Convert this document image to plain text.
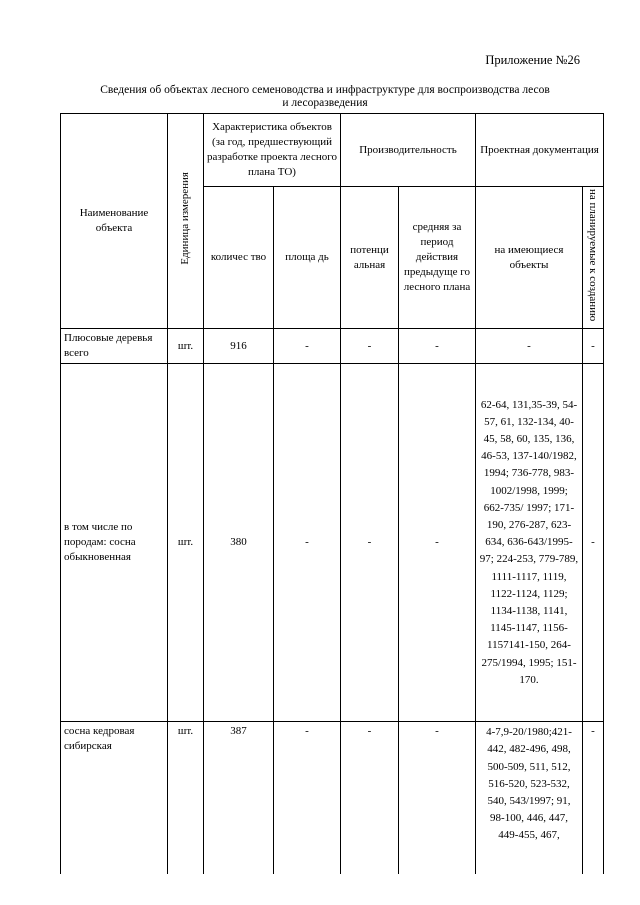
Приложение №26
Сведения об объектах лесного семеноводства и инфраструктуре для воспроизводства лесов
и лесоразведения
Наименование объекта	Единица измерения	Характеристика объектов (за год, предшествующий разработке проекта лесного плана ТО)		Производительность		Проектная документация	
		количес тво	площа дь	потенци альная	средняя за период действия предыдуще го лесного плана	на имеющиеся объекты	на планируемые к созданию
Плюсовые деревья всего	шт.	916	-	-	-	-	-
в том числе по породам: сосна обыкновенная	шт.	380	-	-	-	62-64, 131,35-39, 54-57, 61, 132-134, 40-45, 58, 60, 135, 136, 46-53, 137-140/1982, 1994; 736-778, 983-1002/1998, 1999; 662-735/ 1997; 171-190, 276-287, 623-634, 636-643/1995-97; 224-253, 779-789, 1111-1117, 1119, 1122-1124, 1129; 1134-1138, 1141, 1145-1147, 1156-1157141-150, 264-275/1994, 1995; 151-170.	-
сосна кедровая сибирская	шт.	387	-	-	-	4-7,9-20/1980;421-442, 482-496, 498, 500-509, 511, 512, 516-520, 523-532, 540, 543/1997; 91, 98-100, 446, 447, 449-455, 467,	-
